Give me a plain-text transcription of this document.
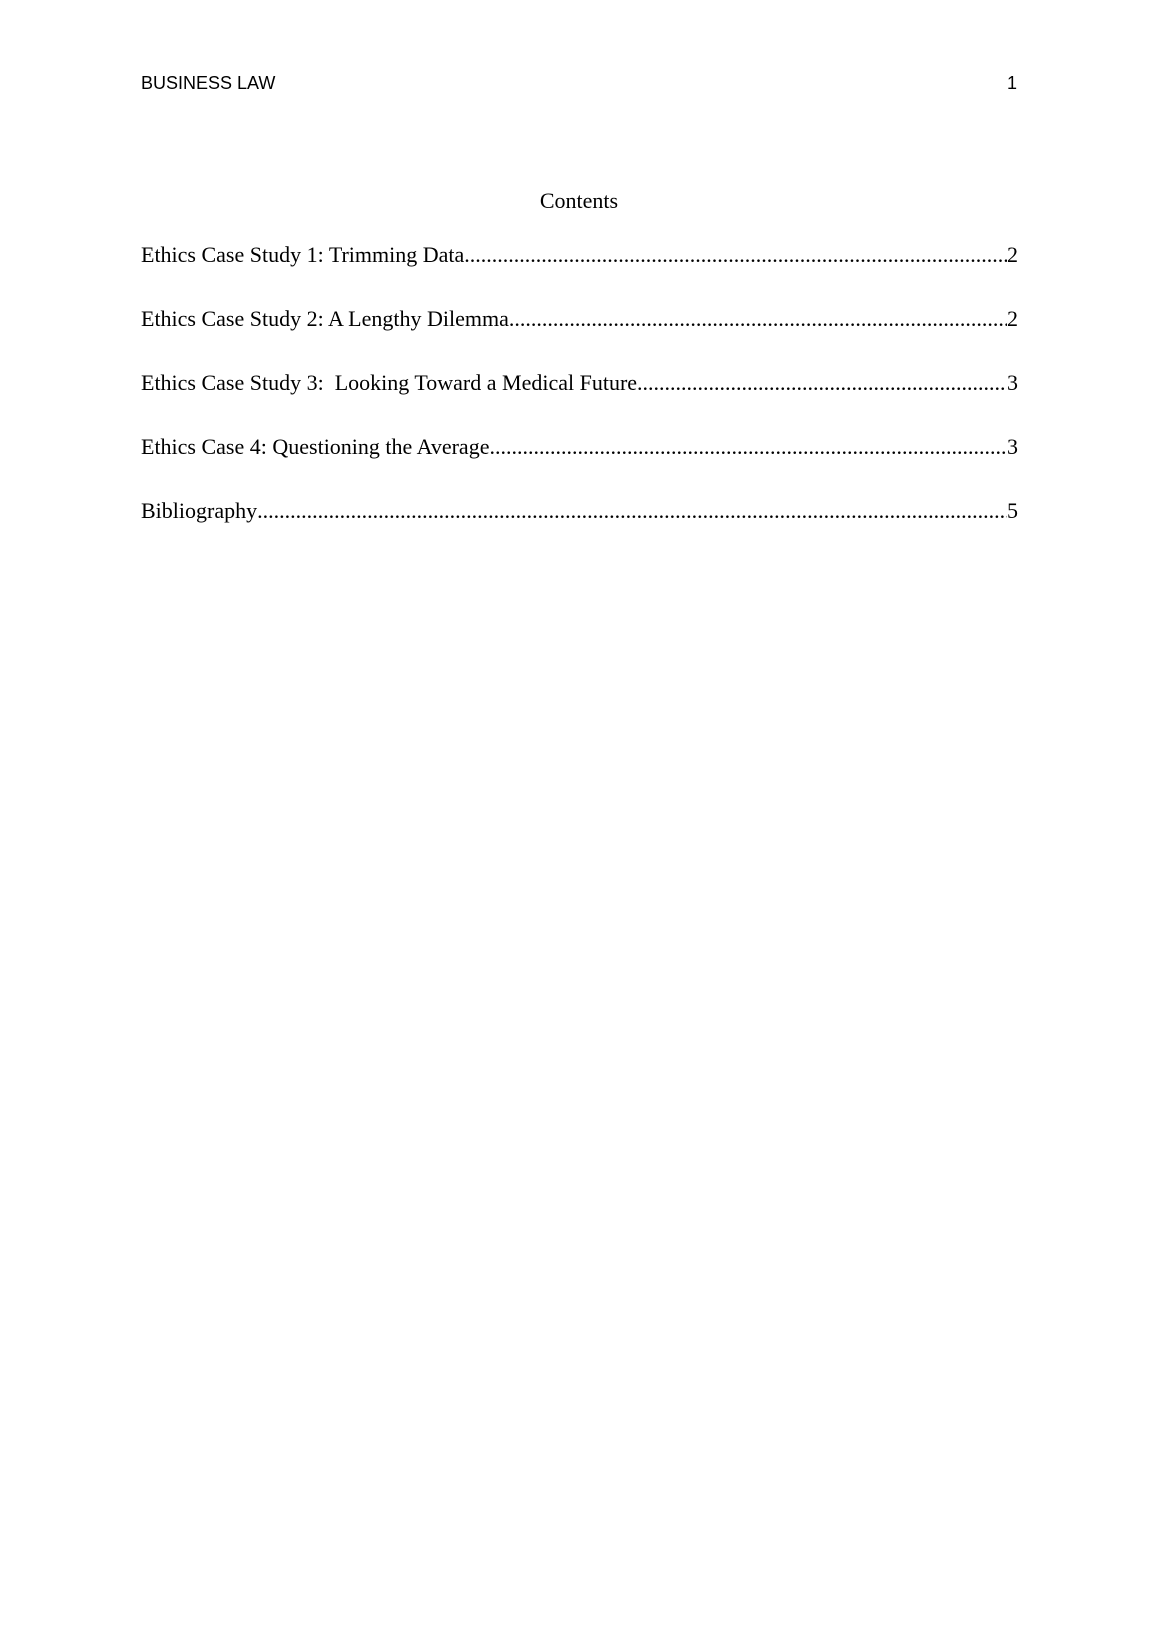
BUSINESS LAW	1
Contents
Ethics Case Study 1: Trimming Data .....	2
Ethics Case Study 2: A Lengthy Dilemma .....	2
Ethics Case Study 3:  Looking Toward a Medical Future .....	3
Ethics Case 4: Questioning the Average .....	3
Bibliography .....	5
